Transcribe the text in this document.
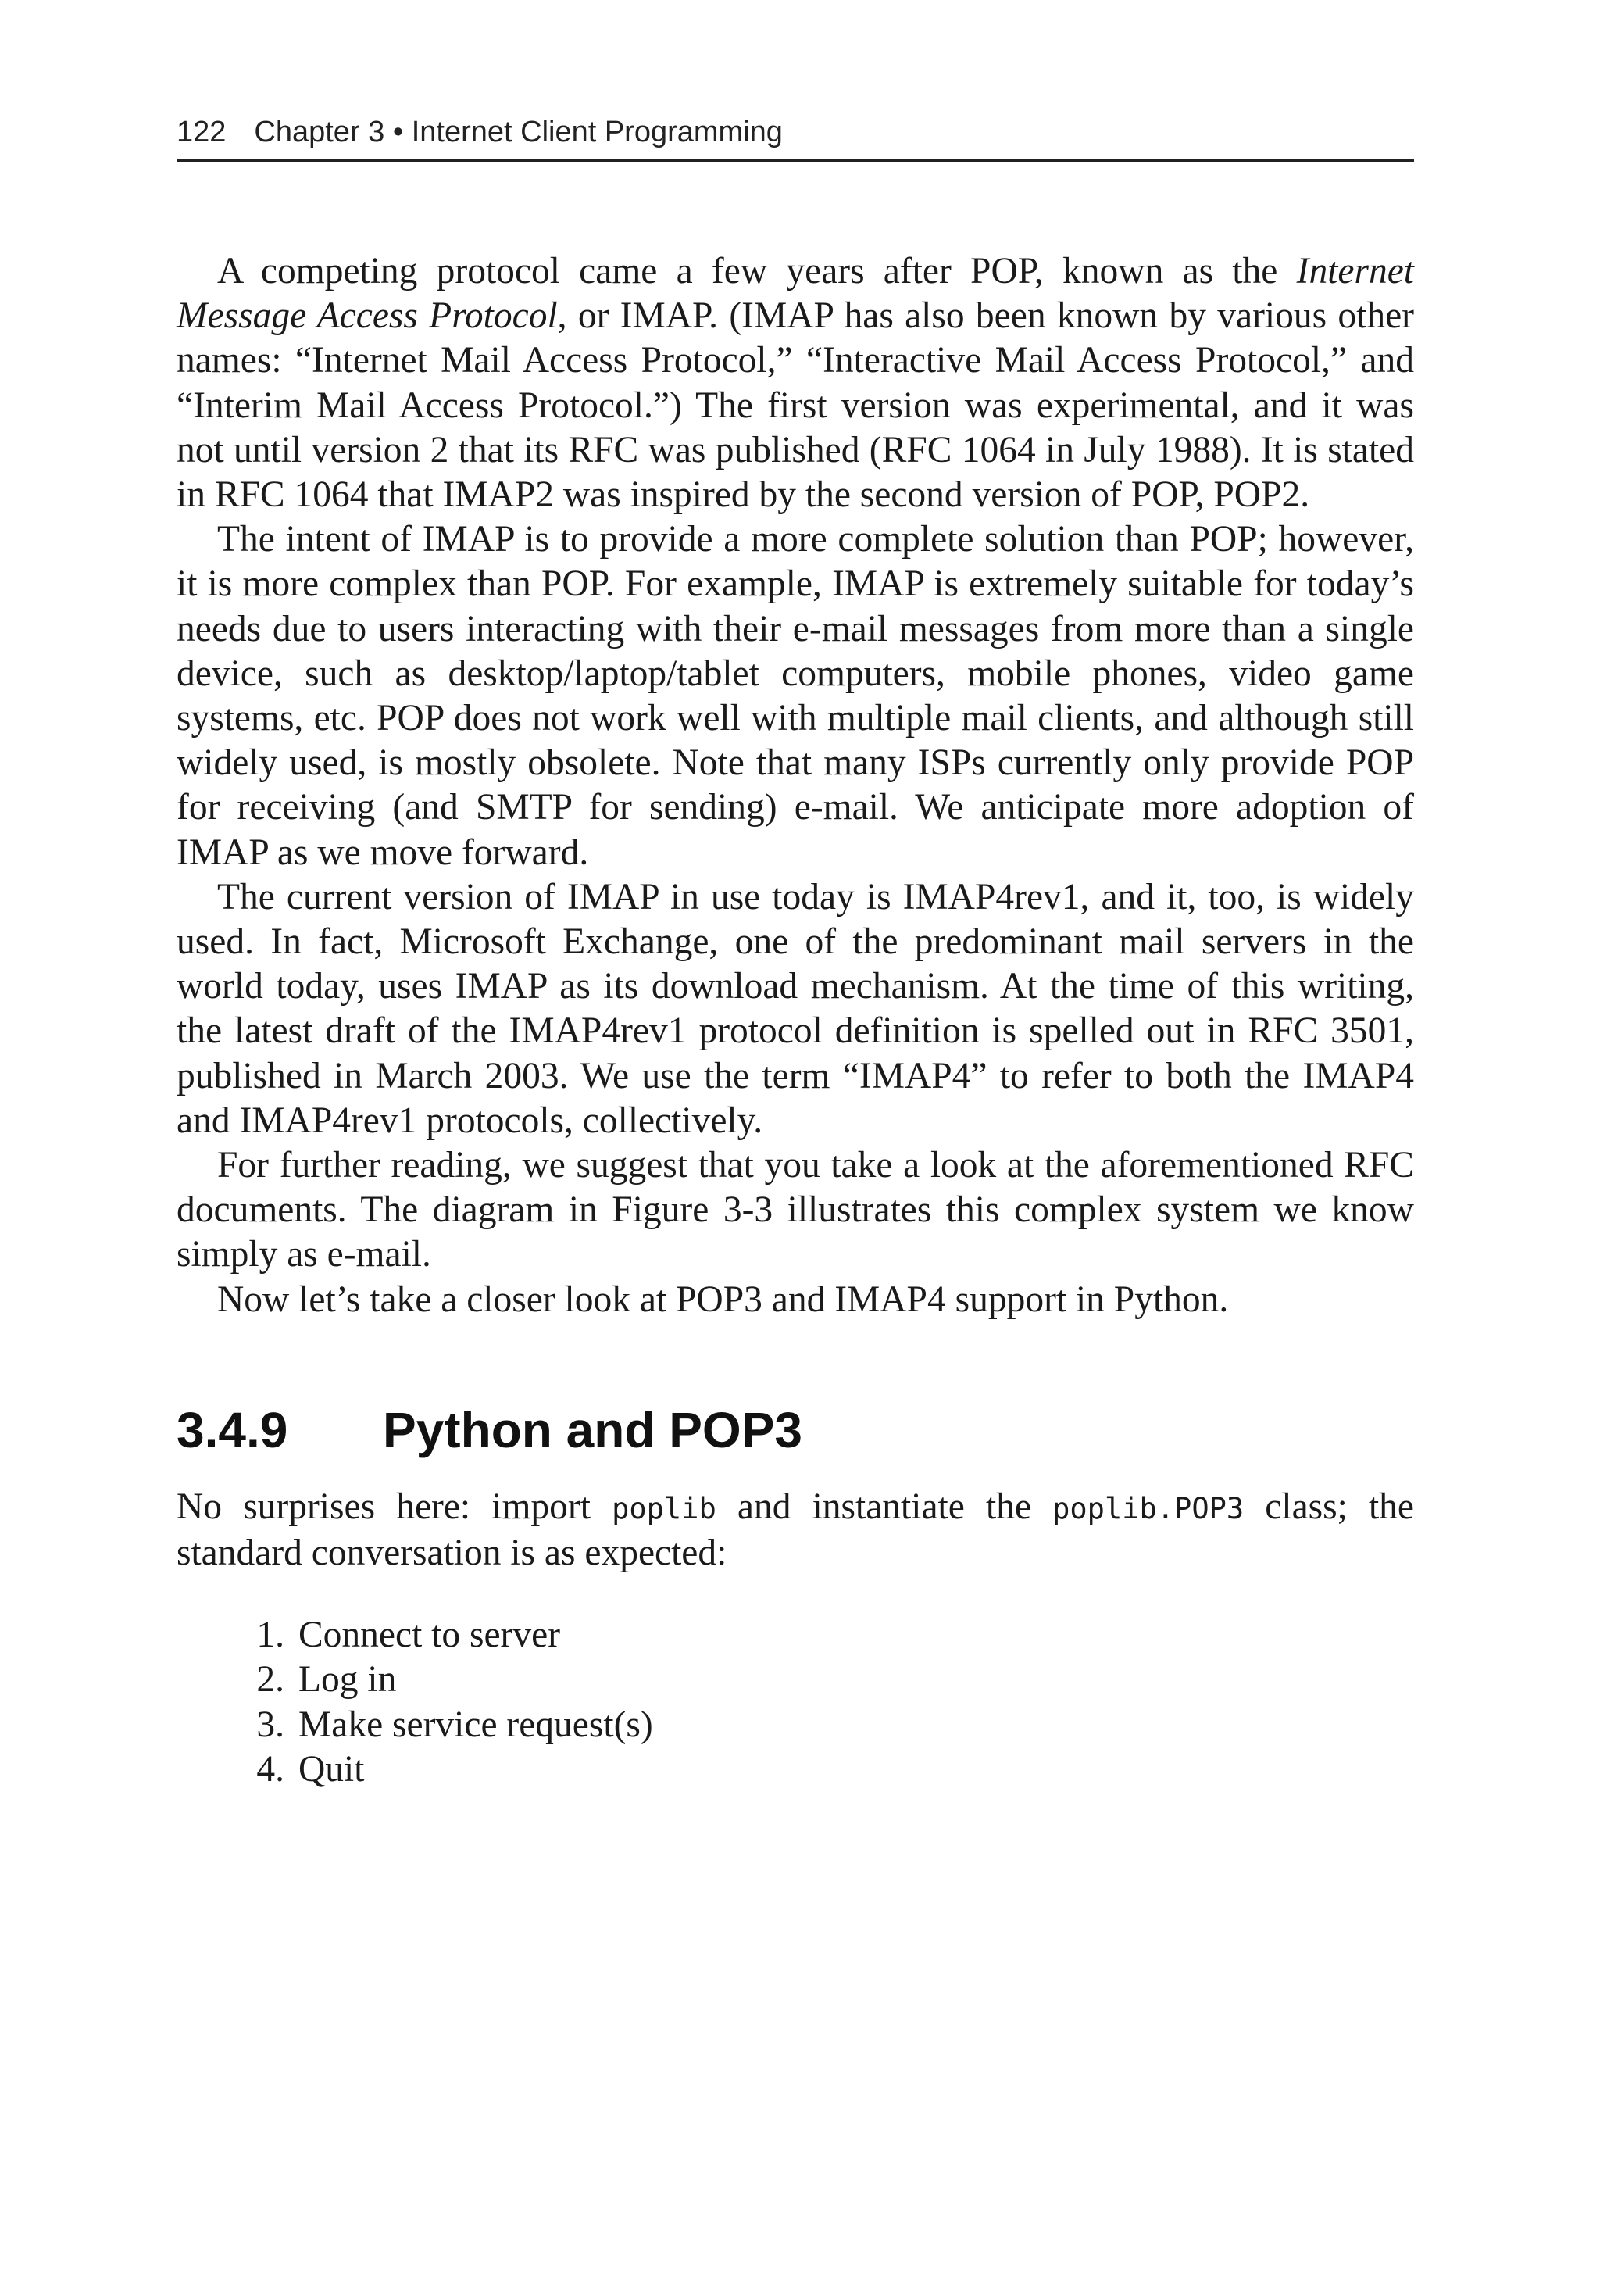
122 Chapter 3 • Internet Client Programming

A competing protocol came a few years after POP, known as the Internet Message Access Protocol, or IMAP. (IMAP has also been known by various other names: “Internet Mail Access Protocol,” “Interactive Mail Access Protocol,” and “Interim Mail Access Protocol.”) The first version was experimental, and it was not until version 2 that its RFC was published (RFC 1064 in July 1988). It is stated in RFC 1064 that IMAP2 was inspired by the second version of POP, POP2.

The intent of IMAP is to provide a more complete solution than POP; however, it is more complex than POP. For example, IMAP is extremely suitable for today’s needs due to users interacting with their e-mail messages from more than a single device, such as desktop/laptop/tablet computers, mobile phones, video game systems, etc. POP does not work well with multiple mail clients, and although still widely used, is mostly obsolete. Note that many ISPs currently only provide POP for receiving (and SMTP for sending) e-mail. We anticipate more adoption of IMAP as we move forward.

The current version of IMAP in use today is IMAP4rev1, and it, too, is widely used. In fact, Microsoft Exchange, one of the predominant mail servers in the world today, uses IMAP as its download mechanism. At the time of this writing, the latest draft of the IMAP4rev1 protocol definition is spelled out in RFC 3501, published in March 2003. We use the term “IMAP4” to refer to both the IMAP4 and IMAP4rev1 protocols, collectively.

For further reading, we suggest that you take a look at the aforementioned RFC documents. The diagram in Figure 3-3 illustrates this complex system we know simply as e-mail.

Now let’s take a closer look at POP3 and IMAP4 support in Python.

3.4.9	Python and POP3

No surprises here: import poplib and instantiate the poplib.POP3 class; the standard conversation is as expected:

1. Connect to server
2. Log in
3. Make service request(s)
4. Quit
